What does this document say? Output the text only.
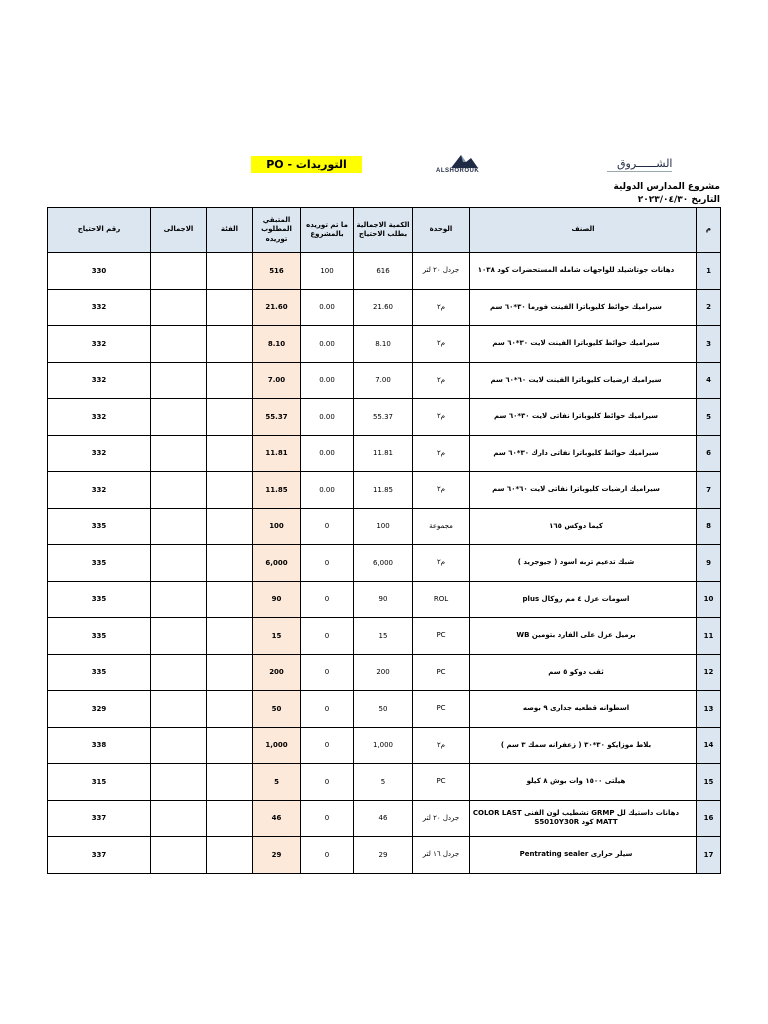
التوريدات - PO	ALSHOROUK
الشــــــروق
مشروع المدارس الدولية
التاريخ ٢٠٢٣/٠٤/٣٠
رقم الاحتياج	الاجمالى	الفئة	المتبقي المطلوب توريده	ما تم توريده بالمشروع	الكمية الاجمالية بطلب الاحتياج	الوحدة	الصنف	م
330			516	100	616	جردل ٢٠ لتر	دهانات جوتاشيلد للواجهات شامله المستحضرات كود ١٠٣٨	1
332			21.60	0.00	21.60	م٢	سيراميك حوائط كليوباترا الفينت فورما ٣٠*٦٠ سم	2
332			8.10	0.00	8.10	م٢	سيراميك حوائط كليوباترا الفينت لايت ٣٠*٦٠ سم	3
332			7.00	0.00	7.00	م٢	سيراميك ارضيات كليوباترا الفينت لايت ٦٠*٦٠ سم	4
332			55.37	0.00	55.37	م٢	سيراميك حوائط كليوباترا نفاتى لايت ٣٠*٦٠ سم	5
332			11.81	0.00	11.81	م٢	سيراميك حوائط كليوباترا نفاتى دارك ٣٠*٦٠ سم	6
332			11.85	0.00	11.85	م٢	سيراميك ارضيات كليوباترا نفاتى لايت ٦٠*٦٠ سم	7
335			100	0	100	مجموعة	كيما دوكس ١٦٥	8
335			6,000	0	6,000	م٢	شبك تدعيم تربه اسود ( جيوجريد )	9
335			90	0	90	ROL	اسومات عزل ٤ مم روكال plus	10
335			15	0	15	PC	برميل عزل على الفارد بتومين WB	11
335			200	0	200	PC	ثقب دوكو ٥ سم	12
329			50	0	50	PC	اسطوانه قطعيه جدارى ٩ بوصه	13
338			1,000	0	1,000	م٢	بلاط موزايكو ٣٠*٣٠ ( زعفرانه سمك ٣ سم )	14
315			5	0	5	PC	هيلتى ١٥٠٠ وات بوش ٨ كيلو	15
337			46	0	46	جردل ٢٠ لتر	دهانات داستيك لل GRMP تشطيب لون الفنى COLOR LAST MATT كود S5010Y30R	16
337			29	0	29	جردل ١٦ لتر	سيلر حرارى Pentrating sealer	17
